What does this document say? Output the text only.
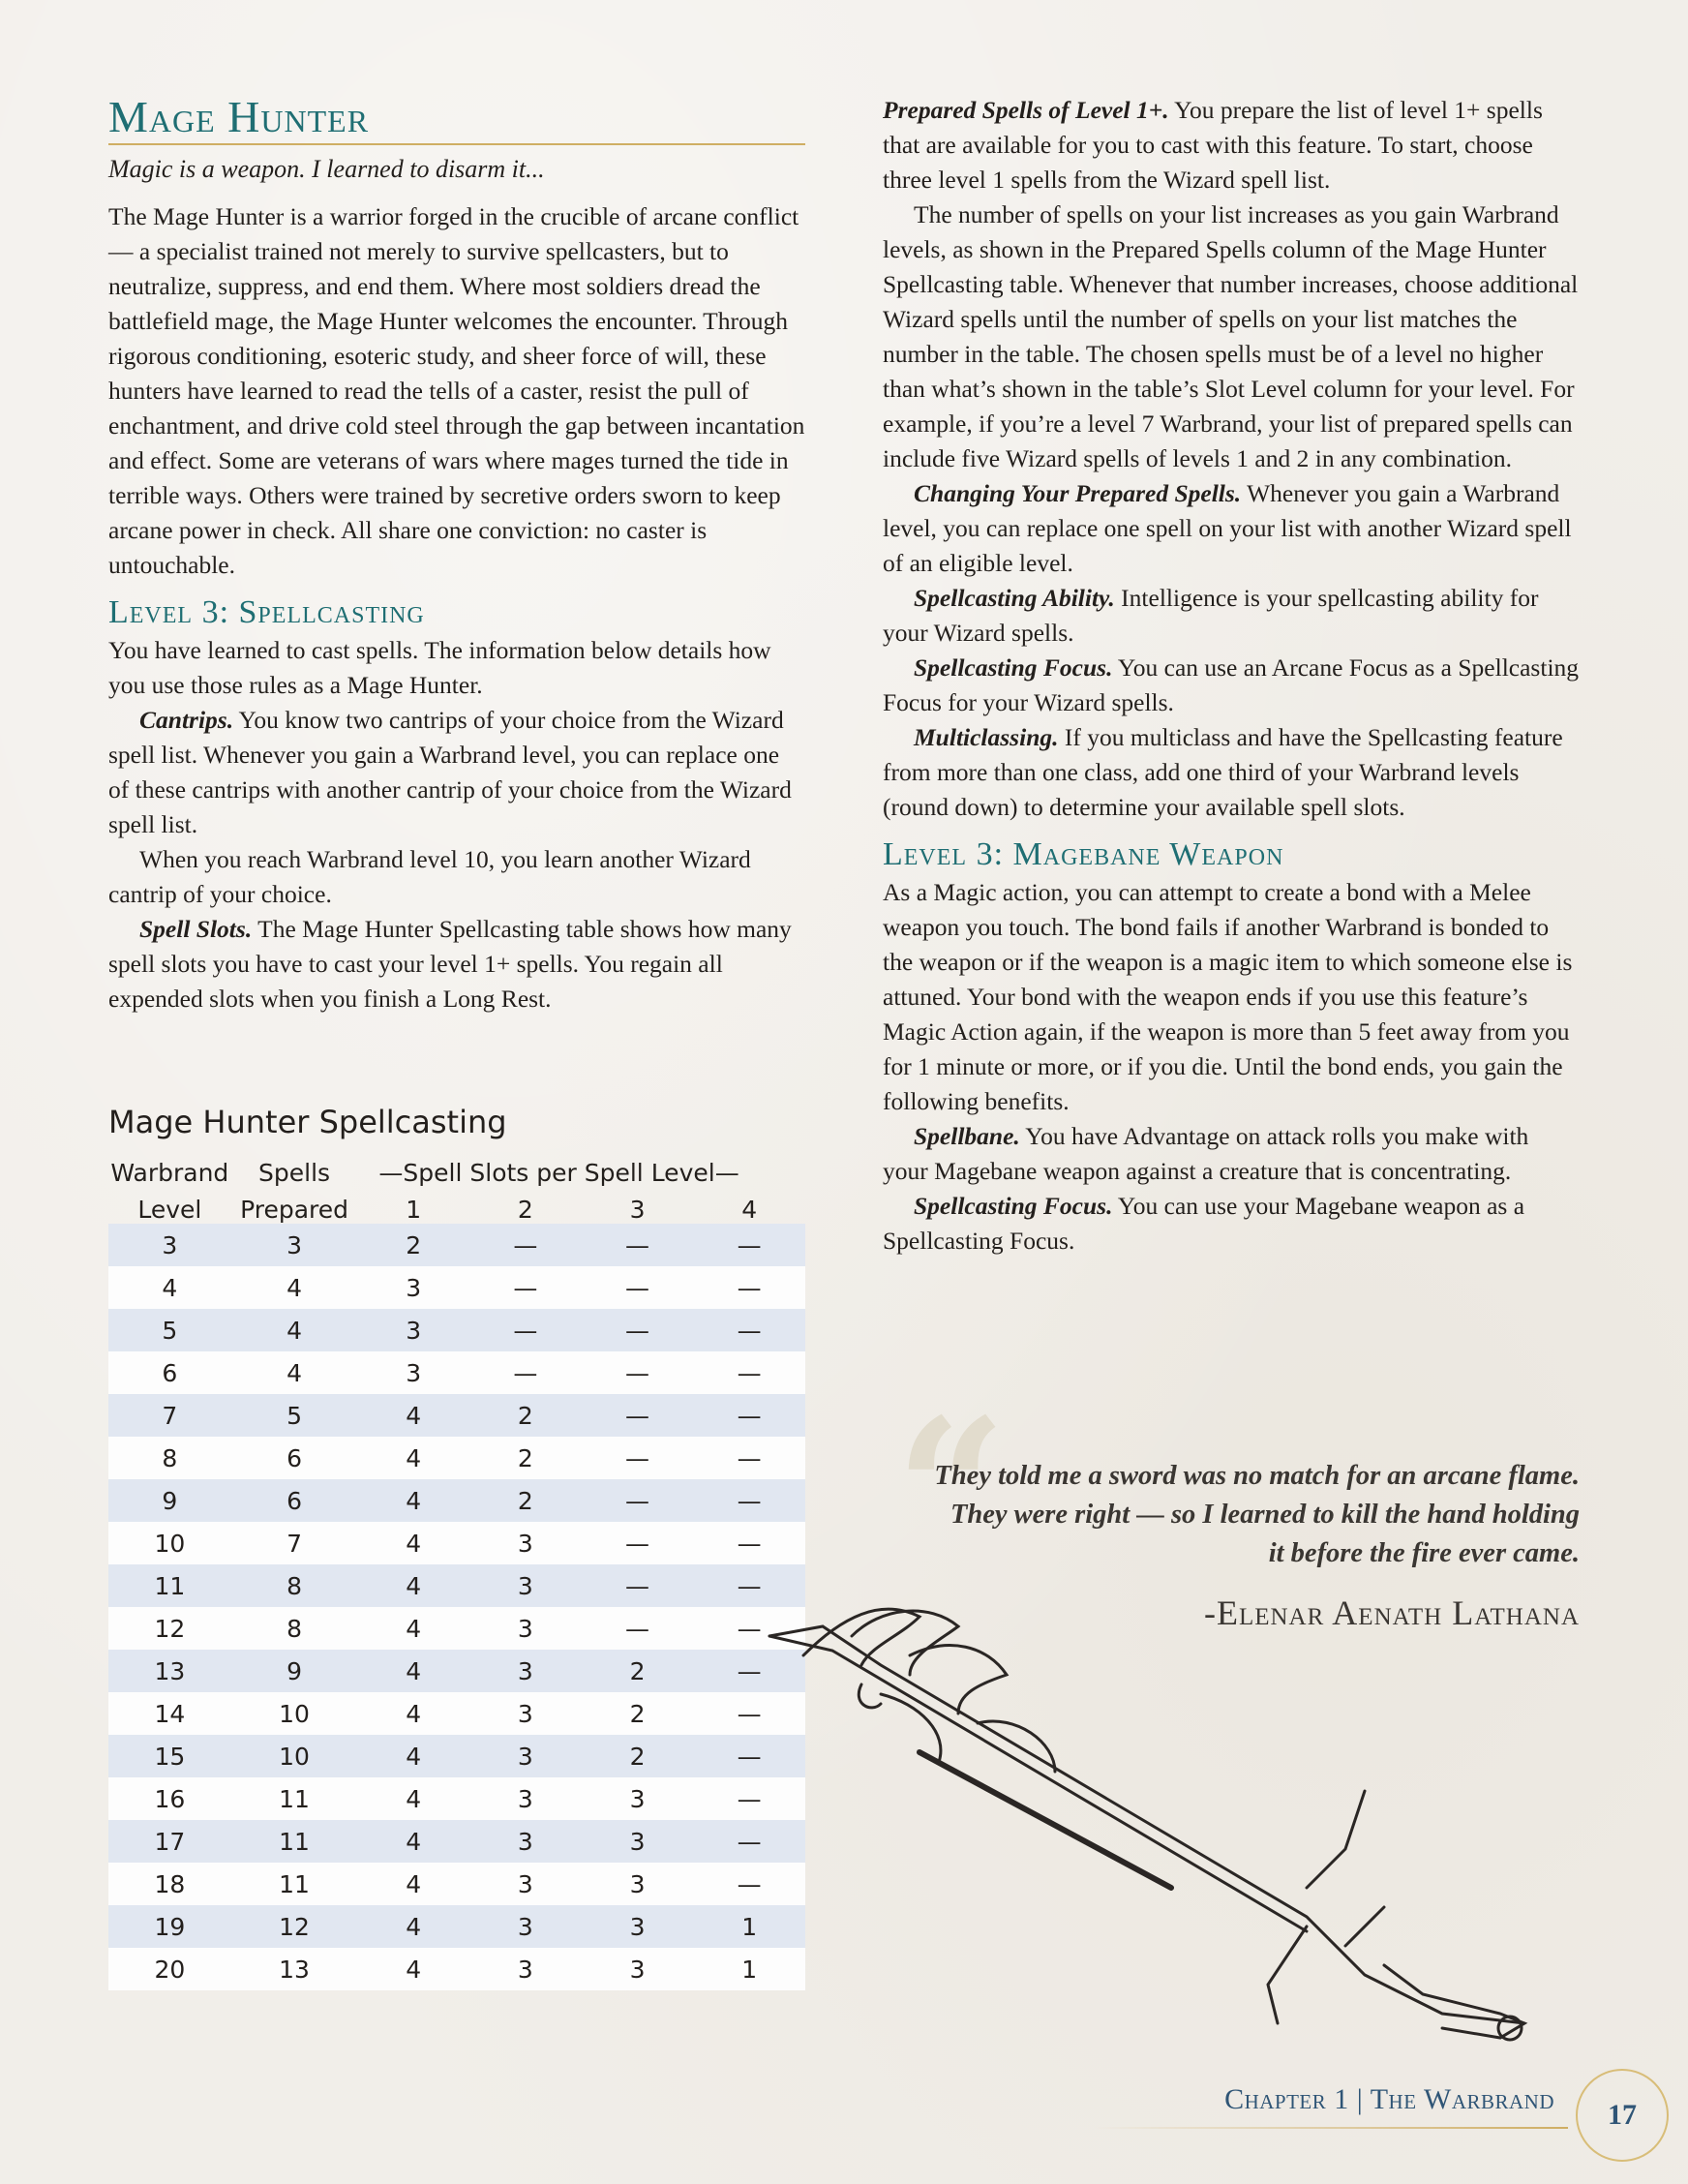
Mage Hunter
Magic is a weapon. I learned to disarm it...

The Mage Hunter is a warrior forged in the crucible of arcane conflict — a specialist trained not merely to survive spellcasters, but to neutralize, suppress, and end them. Where most soldiers dread the battlefield mage, the Mage Hunter welcomes the encounter. Through rigorous conditioning, esoteric study, and sheer force of will, these hunters have learned to read the tells of a caster, resist the pull of enchantment, and drive cold steel through the gap between incantation and effect. Some are veterans of wars where mages turned the tide in terrible ways. Others were trained by secretive orders sworn to keep arcane power in check. All share one conviction: no caster is untouchable.

Level 3: Spellcasting

You have learned to cast spells. The information below details how you use those rules as a Mage Hunter.

Cantrips. You know two cantrips of your choice from the Wizard spell list. Whenever you gain a Warbrand level, you can replace one of these cantrips with another cantrip of your choice from the Wizard spell list.

When you reach Warbrand level 10, you learn another Wizard cantrip of your choice.

Spell Slots. The Mage Hunter Spellcasting table shows how many spell slots you have to cast your level 1+ spells. You regain all expended slots when you finish a Long Rest.

Mage Hunter Spellcasting
Warbrand	Spells	—Spell Slots per Spell Level—			
Level	Prepared	1	2	3	4
3	3	2	—	—	—
4	4	3	—	—	—
5	4	3	—	—	—
6	4	3	—	—	—
7	5	4	2	—	—
8	6	4	2	—	—
9	6	4	2	—	—
10	7	4	3	—	—
11	8	4	3	—	—
12	8	4	3	—	—
13	9	4	3	2	—
14	10	4	3	2	—
15	10	4	3	2	—
16	11	4	3	3	—
17	11	4	3	3	—
18	11	4	3	3	—
19	12	4	3	3	1
20	13	4	3	3	1

Prepared Spells of Level 1+. You prepare the list of level 1+ spells that are available for you to cast with this feature. To start, choose three level 1 spells from the Wizard spell list.

The number of spells on your list increases as you gain Warbrand levels, as shown in the Prepared Spells column of the Mage Hunter Spellcasting table. Whenever that number increases, choose additional Wizard spells until the number of spells on your list matches the number in the table. The chosen spells must be of a level no higher than what’s shown in the table’s Slot Level column for your level. For example, if you’re a level 7 Warbrand, your list of prepared spells can include five Wizard spells of levels 1 and 2 in any combination.

Changing Your Prepared Spells. Whenever you gain a Warbrand level, you can replace one spell on your list with another Wizard spell of an eligible level.

Spellcasting Ability. Intelligence is your spellcasting ability for your Wizard spells.

Spellcasting Focus. You can use an Arcane Focus as a Spellcasting Focus for your Wizard spells.

Multiclassing. If you multiclass and have the Spellcasting feature from more than one class, add one third of your Warbrand levels (round down) to determine your available spell slots.

Level 3: Magebane Weapon

As a Magic action, you can attempt to create a bond with a Melee weapon you touch. The bond fails if another Warbrand is bonded to the weapon or if the weapon is a magic item to which someone else is attuned. Your bond with the weapon ends if you use this feature’s Magic Action again, if the weapon is more than 5 feet away from you for 1 minute or more, or if you die. Until the bond ends, you gain the following benefits.

Spellbane. You have Advantage on attack rolls you make with your Magebane weapon against a creature that is concentrating.

Spellcasting Focus. You can use your Magebane weapon as a Spellcasting Focus.

“
They told me a sword was no match for an arcane flame. They were right — so I learned to kill the hand holding it before the fire ever came.
-Elenar Aenath Lathana
Chapter 1 | The Warbrand	17
